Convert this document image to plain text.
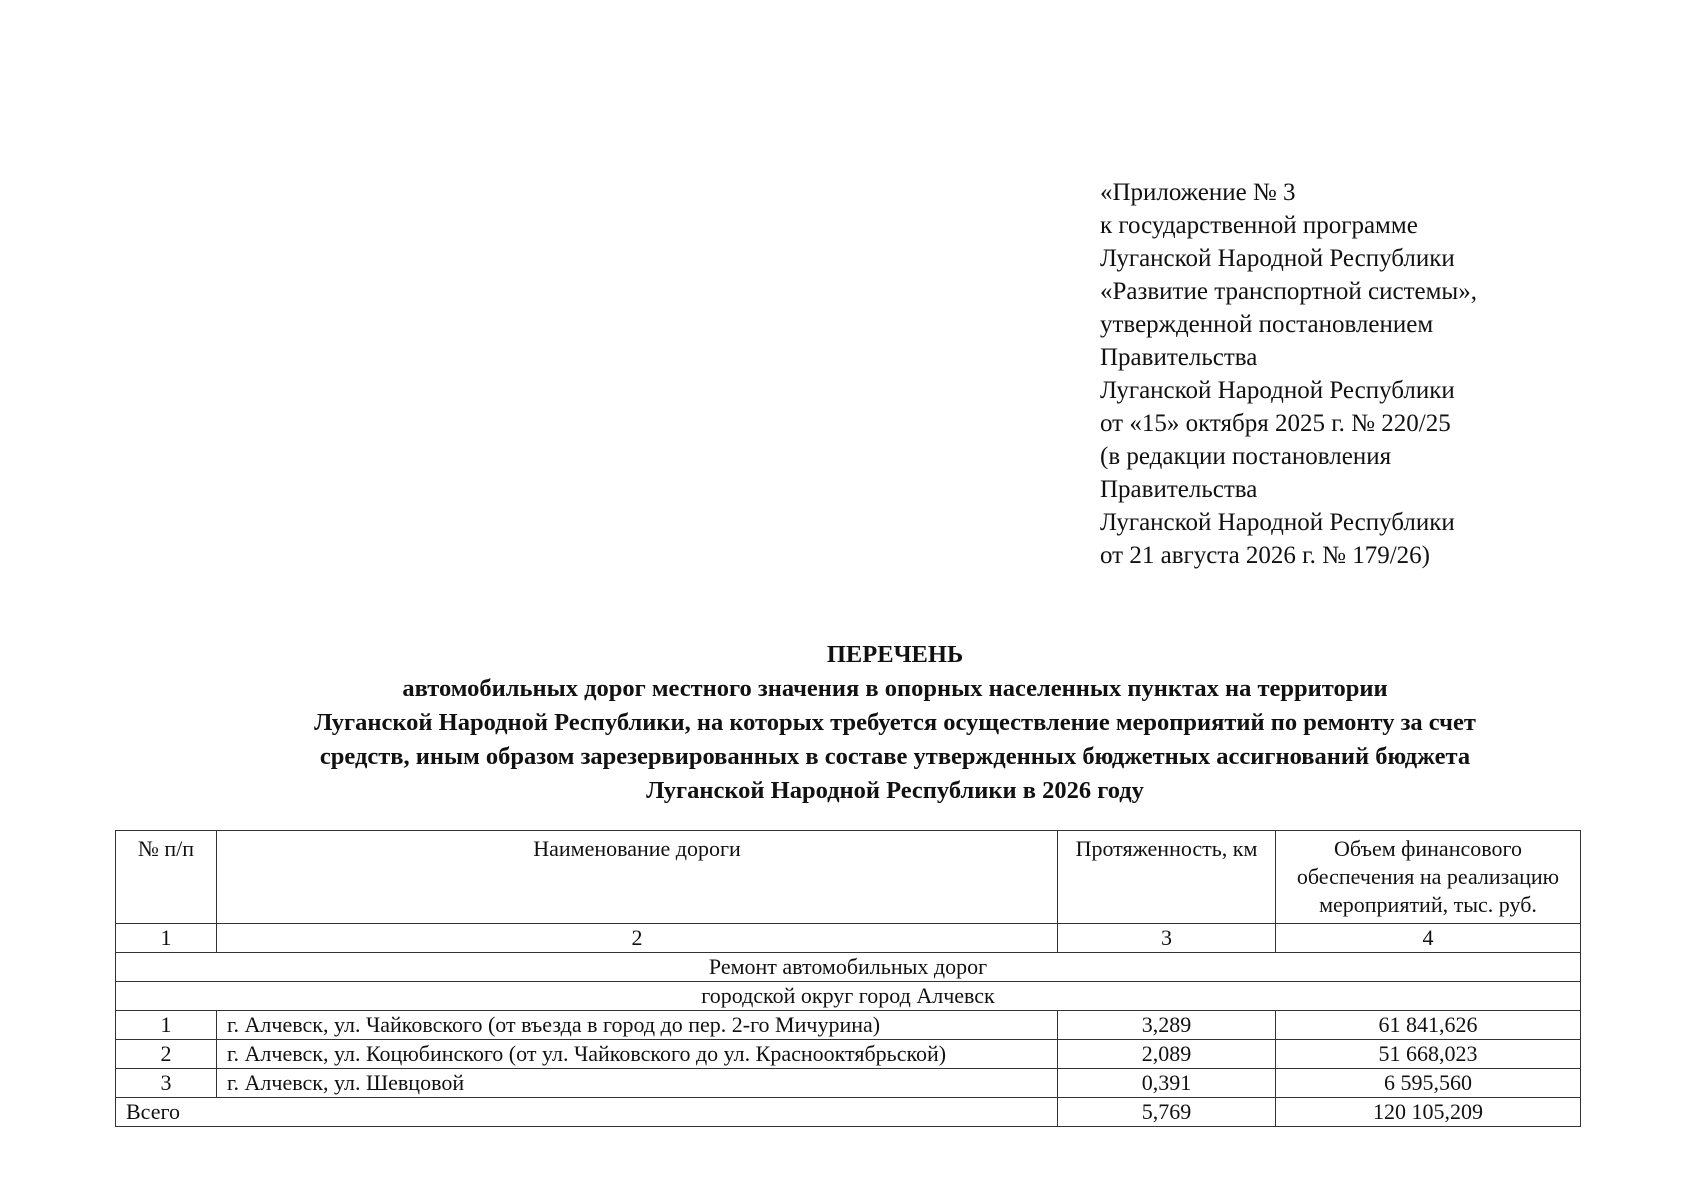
«Приложение № 3
к государственной программе
Луганской Народной Республики
«Развитие транспортной системы»,
утвержденной постановлением
Правительства
Луганской Народной Республики
от «15» октября 2025 г. № 220/25
(в редакции постановления
Правительства
Луганской Народной Республики
от 21 августа 2026 г. № 179/26)
ПЕРЕЧЕНЬ
автомобильных дорог местного значения в опорных населенных пунктах на территории
Луганской Народной Республики, на которых требуется осуществление мероприятий по ремонту за счет
средств, иным образом зарезервированных в составе утвержденных бюджетных ассигнований бюджета
Луганской Народной Республики в 2026 году
№ п/п	Наименование дороги	Протяженность, км	Объем финансового обеспечения на реализацию мероприятий, тыс. руб.
1	2	3	4
Ремонт автомобильных дорог			
городской округ город Алчевск			
1	г. Алчевск, ул. Чайковского (от въезда в город до пер. 2-го Мичурина)	3,289	61 841,626
2	г. Алчевск, ул. Коцюбинского (от ул. Чайковского до ул. Краснооктябрьской)	2,089	51 668,023
3	г. Алчевск, ул. Шевцовой	0,391	6 595,560
Всего		5,769	120 105,209
